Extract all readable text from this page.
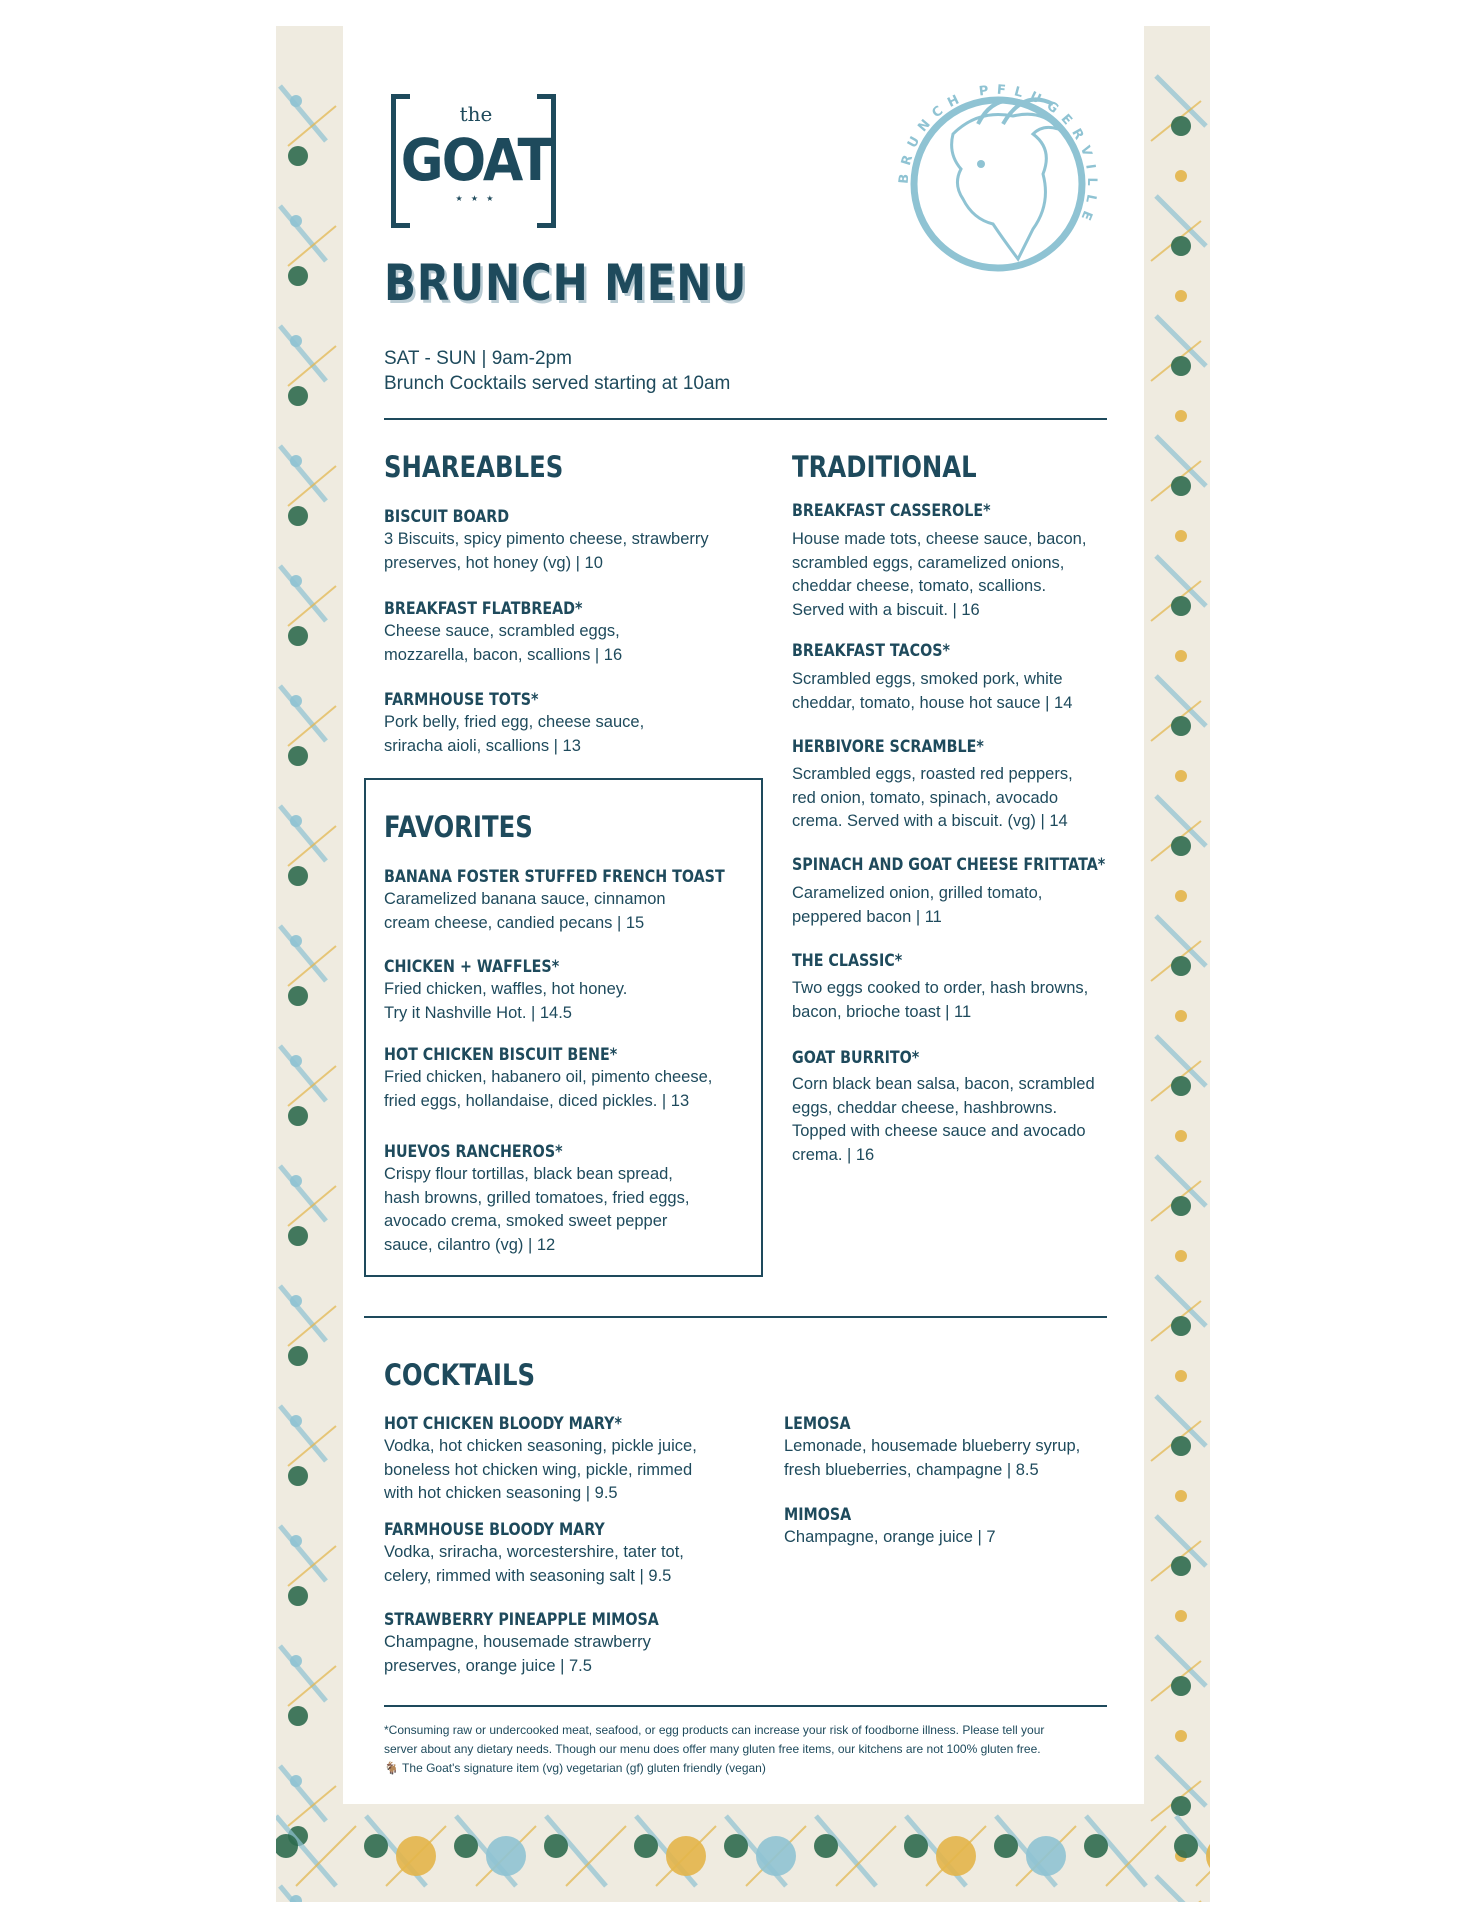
the
GOAT
★ ★ ★
BRUNCH PFLUGERVILLE
BRUNCH MENU
SAT - SUN | 9am-2pm
Brunch Cocktails served starting at 10am
SHAREABLES
BISCUIT BOARD
3 Biscuits, spicy pimento cheese, strawberry
preserves, hot honey (vg) | 10
BREAKFAST FLATBREAD*
Cheese sauce, scrambled eggs,
mozzarella, bacon, scallions | 16
FARMHOUSE TOTS*
Pork belly, fried egg, cheese sauce,
sriracha aioli, scallions | 13
FAVORITES
BANANA FOSTER STUFFED FRENCH TOAST
Caramelized banana sauce, cinnamon
cream cheese, candied pecans | 15
CHICKEN + WAFFLES*
Fried chicken, waffles, hot honey.
Try it Nashville Hot. | 14.5
HOT CHICKEN BISCUIT BENE*
Fried chicken, habanero oil, pimento cheese,
fried eggs, hollandaise, diced pickles. | 13
HUEVOS RANCHEROS*
Crispy flour tortillas, black bean spread,
hash browns, grilled tomatoes, fried eggs,
avocado crema, smoked sweet pepper
sauce, cilantro (vg) | 12
TRADITIONAL
BREAKFAST CASSEROLE*
House made tots, cheese sauce, bacon,
scrambled eggs, caramelized onions,
cheddar cheese, tomato, scallions.
Served with a biscuit. | 16
BREAKFAST TACOS*
Scrambled eggs, smoked pork, white
cheddar, tomato, house hot sauce | 14
HERBIVORE SCRAMBLE*
Scrambled eggs, roasted red peppers,
red onion, tomato, spinach, avocado
crema. Served with a biscuit. (vg) | 14
SPINACH AND GOAT CHEESE FRITTATA*
Caramelized onion, grilled tomato,
peppered bacon | 11
THE CLASSIC*
Two eggs cooked to order, hash browns,
bacon, brioche toast | 11
GOAT BURRITO*
Corn black bean salsa, bacon, scrambled
eggs, cheddar cheese, hashbrowns.
Topped with cheese sauce and avocado
crema. | 16
COCKTAILS
HOT CHICKEN BLOODY MARY*
Vodka, hot chicken seasoning, pickle juice,
boneless hot chicken wing, pickle, rimmed
with hot chicken seasoning | 9.5
FARMHOUSE BLOODY MARY
Vodka, sriracha, worcestershire, tater tot,
celery, rimmed with seasoning salt | 9.5
STRAWBERRY PINEAPPLE MIMOSA
Champagne, housemade strawberry
preserves, orange juice | 7.5
LEMOSA
Lemonade, housemade blueberry syrup,
fresh blueberries, champagne | 8.5
MIMOSA
Champagne, orange juice | 7
*Consuming raw or undercooked meat, seafood, or egg products can increase your risk of foodborne illness. Please tell your
server about any dietary needs. Though our menu does offer many gluten free items, our kitchens are not 100% gluten free.
🐐 The Goat's signature item (vg) vegetarian (gf) gluten friendly (vegan)
